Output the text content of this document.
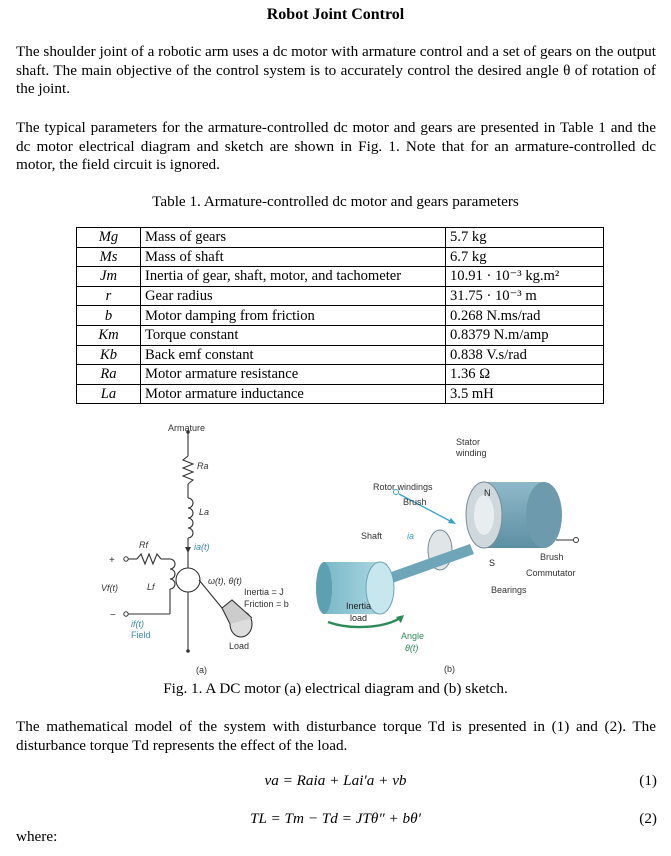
Robot Joint Control
The shoulder joint of a robotic arm uses a dc motor with armature control and a set of gears on the output shaft. The main objective of the control system is to accurately control the desired angle θ of rotation of the joint.
The typical parameters for the armature-controlled dc motor and gears are presented in Table 1 and the dc motor electrical diagram and sketch are shown in Fig. 1. Note that for an armature-controlled dc motor, the field circuit is ignored.
Table 1. Armature-controlled dc motor and gears parameters
Mg	Mass of gears	5.7 kg
Ms	Mass of shaft	6.7 kg
Jm	Inertia of gear, shaft, motor, and tachometer	10.91 · 10⁻³ kg.m²
r	Gear radius	31.75 · 10⁻³ m
b	Motor damping from friction	0.268 N.ms/rad
Km	Torque constant	0.8379 N.m/amp
Kb	Back emf constant	0.838 V.s/rad
Ra	Motor armature resistance	1.36 Ω
La	Motor armature inductance	3.5 mH
Armature
Ra
La
ia(t)
Rf
Lf
Vf(t)
+
−
ω(t), θ(t)
Inertia = J
Friction = b
Load
if(t)
Field
(a)
Stator
winding
Rotor windings
Brush
Shaft	ia
N
S
Brush
Commutator
Bearings
Inertia
load
Angle
θ(t)
(b)
Fig. 1. A DC motor (a) electrical diagram and (b) sketch.
The mathematical model of the system with disturbance torque Td is presented in (1) and (2). The disturbance torque Td represents the effect of the load.
va = Raia + Lai′a + vb	(1)
TL = Tm − Td = JTθ″ + bθ′	(2)
where:
